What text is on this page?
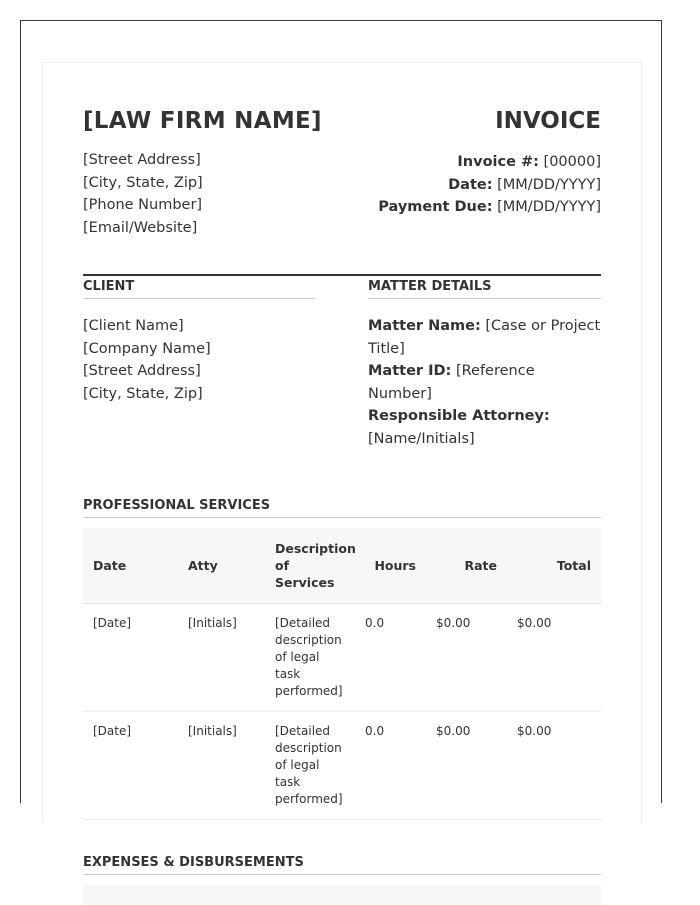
[LAW FIRM NAME]	INVOICE
[Street Address]
[City, State, Zip]
[Phone Number]
[Email/Website]
Invoice #: [00000]
Date: [MM/DD/YYYY]
Payment Due: [MM/DD/YYYY]
CLIENT
[Client Name]
[Company Name]
[Street Address]
[City, State, Zip]
MATTER DETAILS
Matter Name: [Case or Project Title]
Matter ID: [Reference Number]
Responsible Attorney: [Name/Initials]
PROFESSIONAL SERVICES
Date	Atty	Description of Services	Hours	Rate	Total
[Date]	[Initials]	[Detailed description of legal task performed]	0.0	$0.00	$0.00
[Date]	[Initials]	[Detailed description of legal task performed]	0.0	$0.00	$0.00
EXPENSES & DISBURSEMENTS
